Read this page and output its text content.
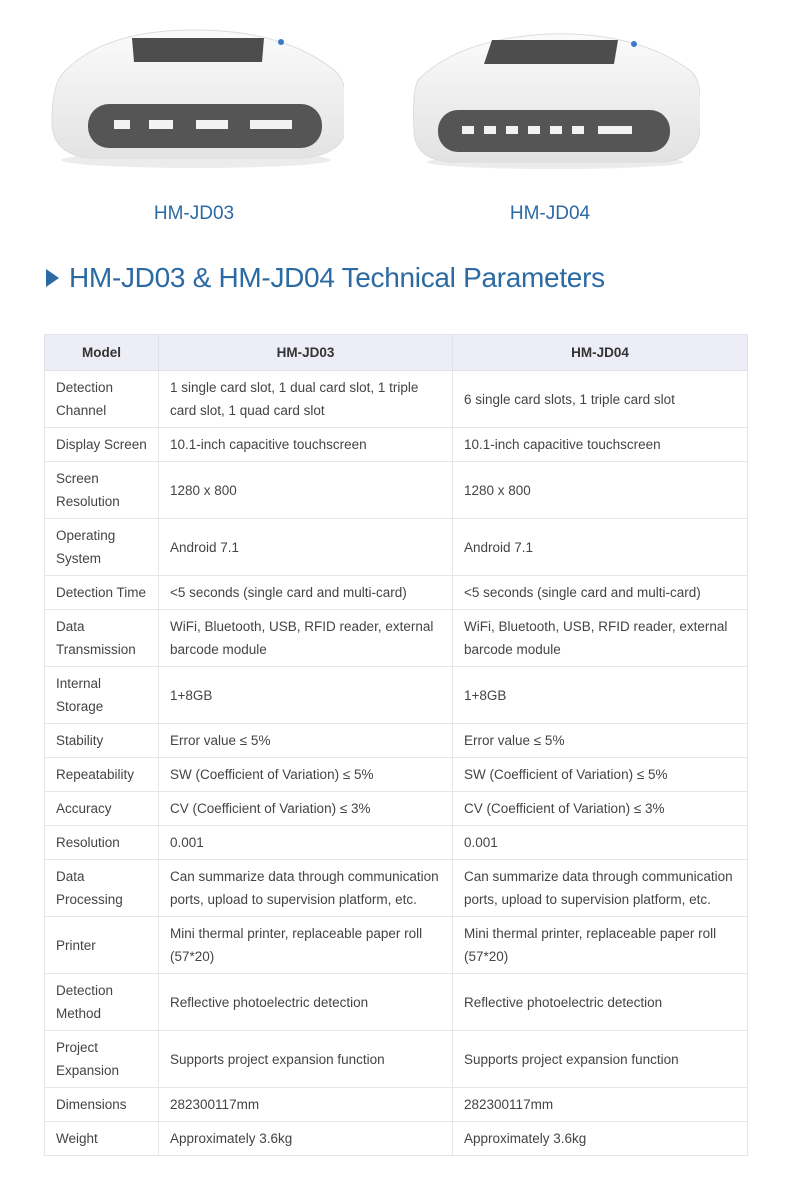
HM-JD03	HM-JD04
HM-JD03 & HM-JD04 Technical Parameters
Model	HM-JD03	HM-JD04
Detection Channel	1 single card slot, 1 dual card slot, 1 triple card slot, 1 quad card slot	6 single card slots, 1 triple card slot
Display Screen	10.1-inch capacitive touchscreen	10.1-inch capacitive touchscreen
Screen Resolution	1280 x 800	1280 x 800
Operating System	Android 7.1	Android 7.1
Detection Time	<5 seconds (single card and multi-card)	<5 seconds (single card and multi-card)
Data Transmission	WiFi, Bluetooth, USB, RFID reader, external barcode module	WiFi, Bluetooth, USB, RFID reader, external barcode module
Internal Storage	1+8GB	1+8GB
Stability	Error value ≤ 5%	Error value ≤ 5%
Repeatability	SW (Coefficient of Variation) ≤ 5%	SW (Coefficient of Variation) ≤ 5%
Accuracy	CV (Coefficient of Variation) ≤ 3%	CV (Coefficient of Variation) ≤ 3%
Resolution	0.001	0.001
Data Processing	Can summarize data through communication ports, upload to supervision platform, etc.	Can summarize data through communication ports, upload to supervision platform, etc.
Printer	Mini thermal printer, replaceable paper roll (57*20)	Mini thermal printer, replaceable paper roll (57*20)
Detection Method	Reflective photoelectric detection	Reflective photoelectric detection
Project Expansion	Supports project expansion function	Supports project expansion function
Dimensions	282300117mm	282300117mm
Weight	Approximately 3.6kg	Approximately 3.6kg
